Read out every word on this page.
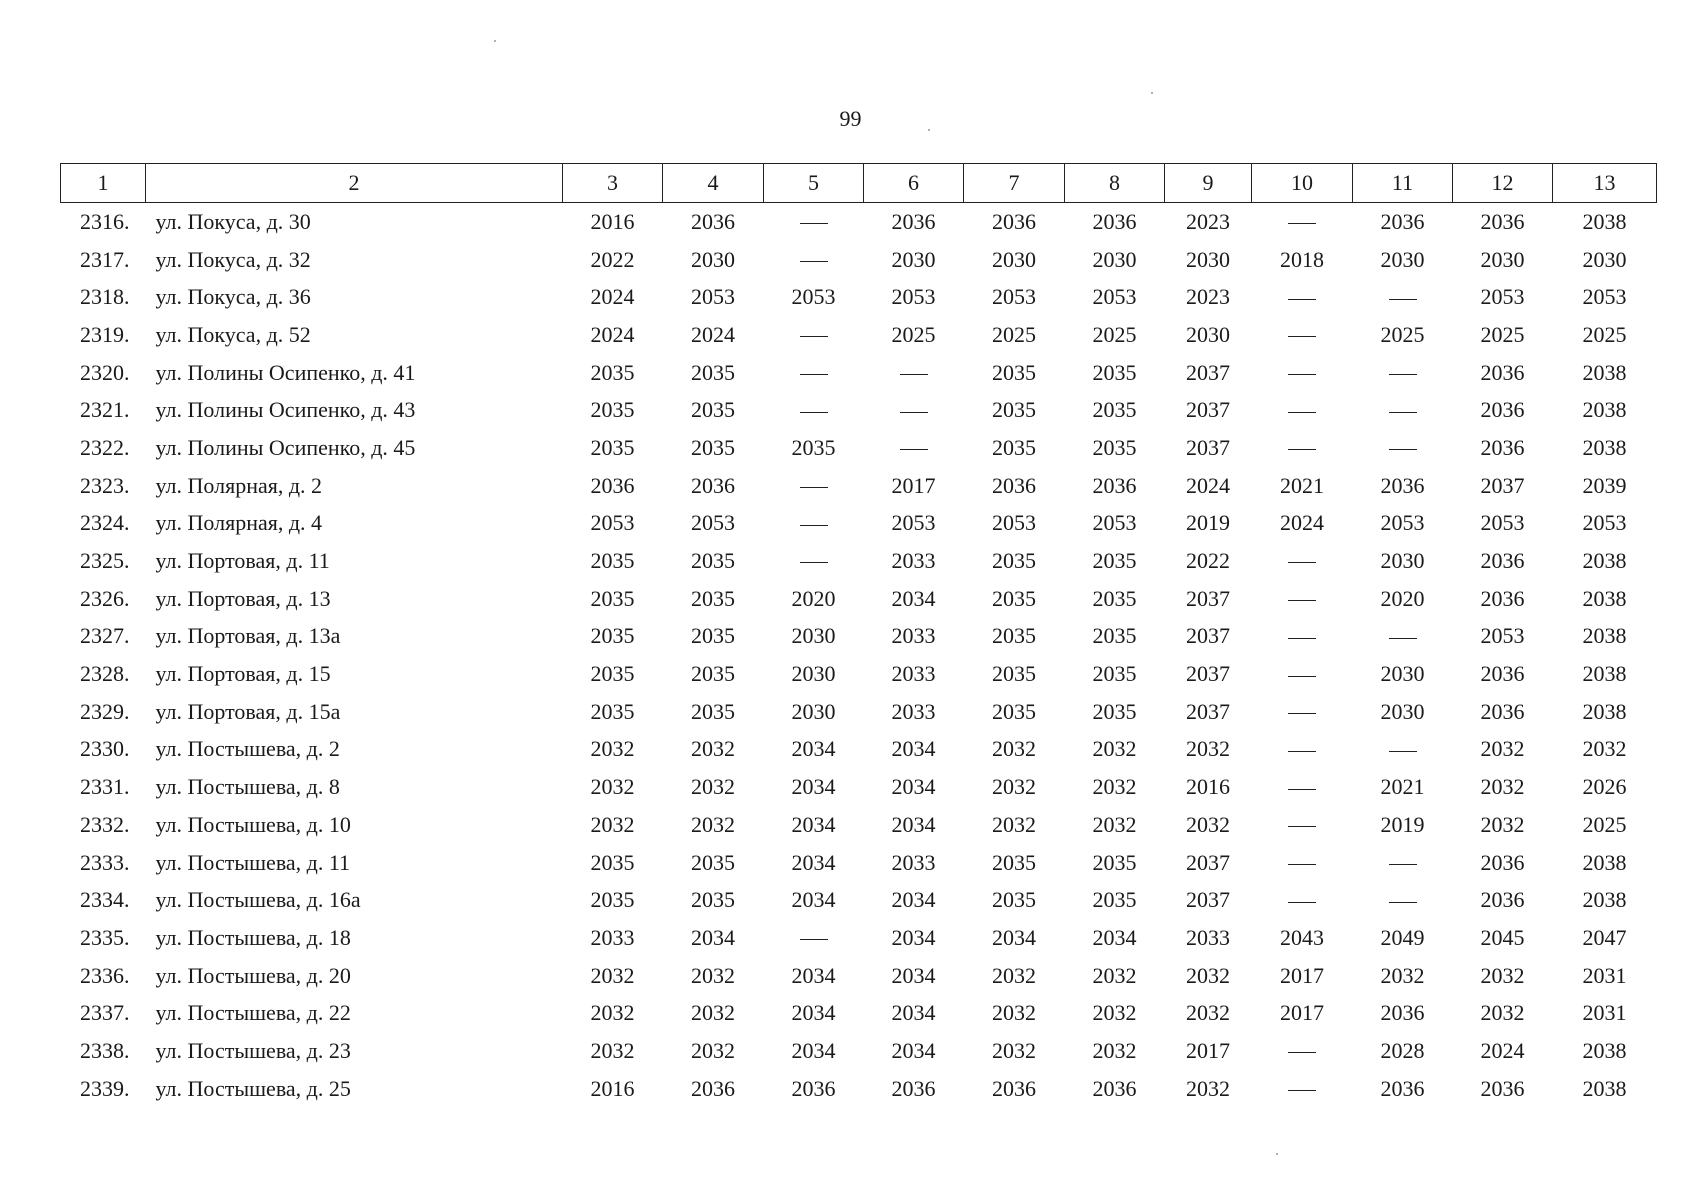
99
1	2	3	4	5	6	7	8	9	10	11	12	13
2316.	ул. Покуса, д. 30	2016	2036		2036	2036	2036	2023		2036	2036	2038
2317.	ул. Покуса, д. 32	2022	2030		2030	2030	2030	2030	2018	2030	2030	2030
2318.	ул. Покуса, д. 36	2024	2053	2053	2053	2053	2053	2023			2053	2053
2319.	ул. Покуса, д. 52	2024	2024		2025	2025	2025	2030		2025	2025	2025
2320.	ул. Полины Осипенко, д. 41	2035	2035			2035	2035	2037			2036	2038
2321.	ул. Полины Осипенко, д. 43	2035	2035			2035	2035	2037			2036	2038
2322.	ул. Полины Осипенко, д. 45	2035	2035	2035		2035	2035	2037			2036	2038
2323.	ул. Полярная, д. 2	2036	2036		2017	2036	2036	2024	2021	2036	2037	2039
2324.	ул. Полярная, д. 4	2053	2053		2053	2053	2053	2019	2024	2053	2053	2053
2325.	ул. Портовая, д. 11	2035	2035		2033	2035	2035	2022		2030	2036	2038
2326.	ул. Портовая, д. 13	2035	2035	2020	2034	2035	2035	2037		2020	2036	2038
2327.	ул. Портовая, д. 13а	2035	2035	2030	2033	2035	2035	2037			2053	2038
2328.	ул. Портовая, д. 15	2035	2035	2030	2033	2035	2035	2037		2030	2036	2038
2329.	ул. Портовая, д. 15а	2035	2035	2030	2033	2035	2035	2037		2030	2036	2038
2330.	ул. Постышева, д. 2	2032	2032	2034	2034	2032	2032	2032			2032	2032
2331.	ул. Постышева, д. 8	2032	2032	2034	2034	2032	2032	2016		2021	2032	2026
2332.	ул. Постышева, д. 10	2032	2032	2034	2034	2032	2032	2032		2019	2032	2025
2333.	ул. Постышева, д. 11	2035	2035	2034	2033	2035	2035	2037			2036	2038
2334.	ул. Постышева, д. 16а	2035	2035	2034	2034	2035	2035	2037			2036	2038
2335.	ул. Постышева, д. 18	2033	2034		2034	2034	2034	2033	2043	2049	2045	2047
2336.	ул. Постышева, д. 20	2032	2032	2034	2034	2032	2032	2032	2017	2032	2032	2031
2337.	ул. Постышева, д. 22	2032	2032	2034	2034	2032	2032	2032	2017	2036	2032	2031
2338.	ул. Постышева, д. 23	2032	2032	2034	2034	2032	2032	2017		2028	2024	2038
2339.	ул. Постышева, д. 25	2016	2036	2036	2036	2036	2036	2032		2036	2036	2038
